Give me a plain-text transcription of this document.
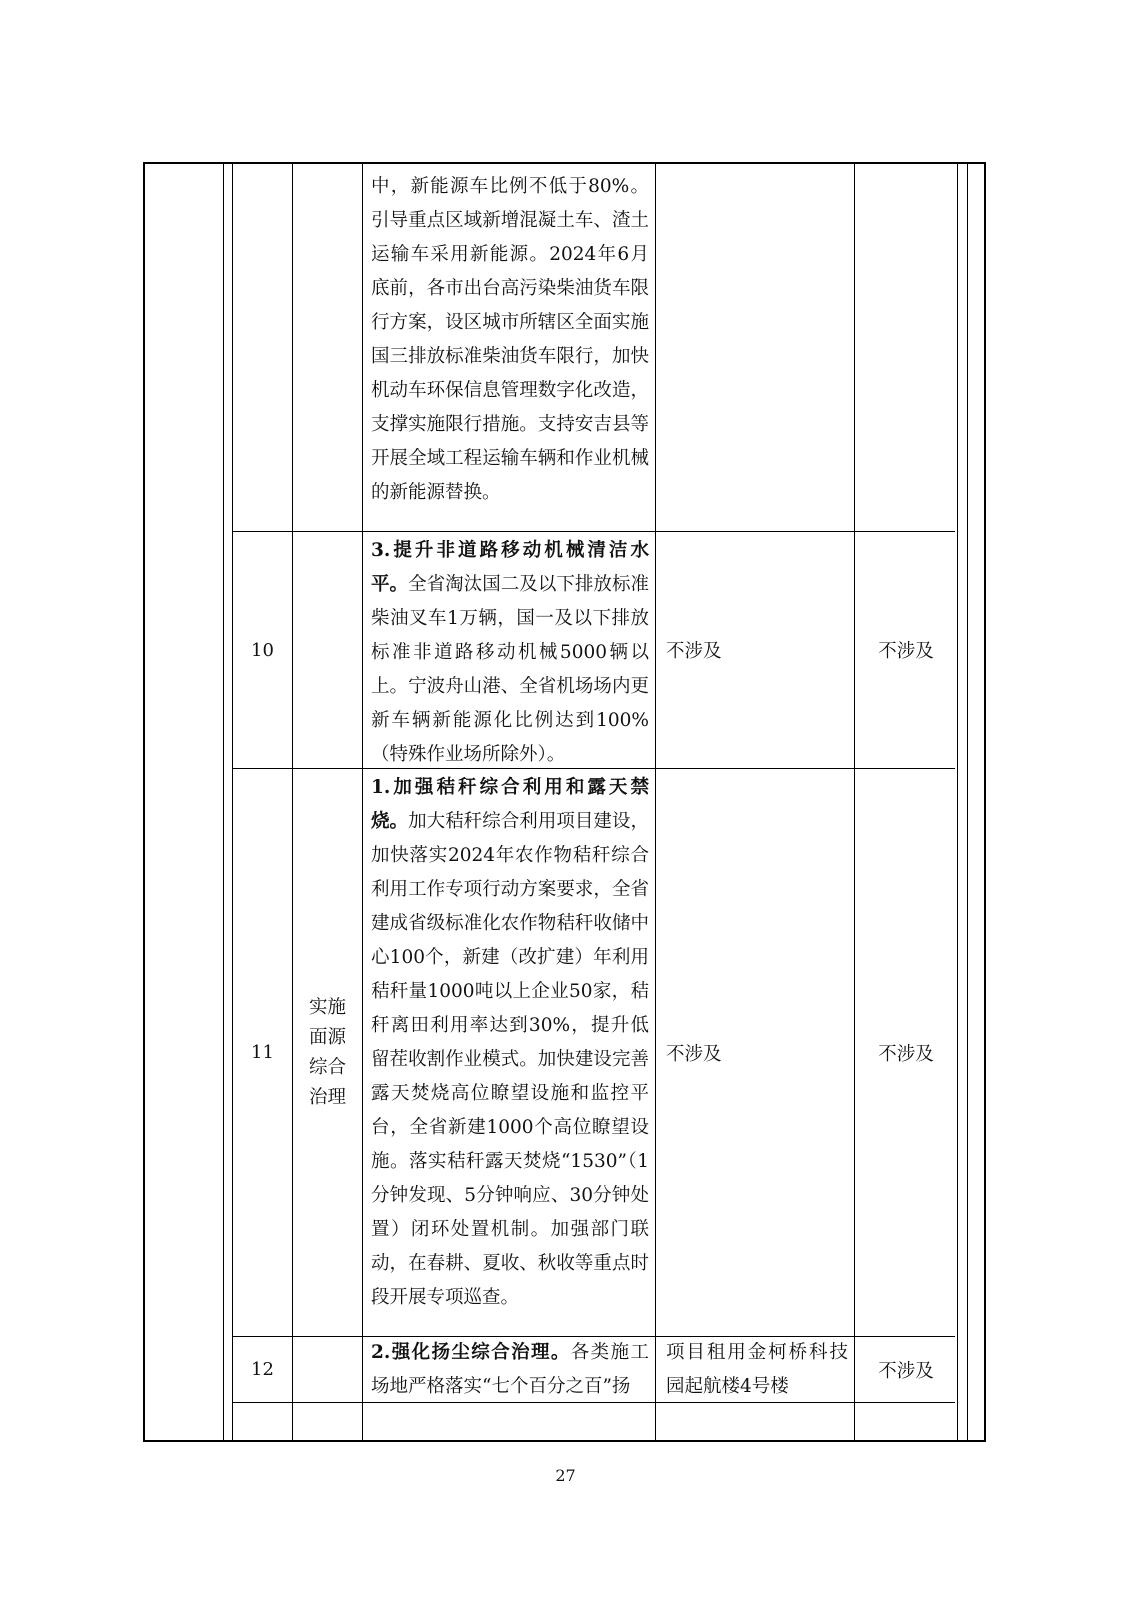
中，新能源车比例不低于80%。引导重点区域新增混凝土车、渣土运输车采用新能源。2024年6月底前，各市出台高污染柴油货车限行方案，设区城市所辖区全面实施国三排放标准柴油货车限行，加快机动车环保信息管理数字化改造，支撑实施限行措施。支持安吉县等开展全域工程运输车辆和作业机械的新能源替换。
10
3.提升非道路移动机械清洁水平。全省淘汰国二及以下排放标准柴油叉车1万辆，国一及以下排放标准非道路移动机械5000辆以上。宁波舟山港、全省机场场内更新车辆新能源化比例达到100%（特殊作业场所除外）。
不涉及	不涉及
11
实施面源综合治理
1.加强秸秆综合利用和露天禁烧。加大秸秆综合利用项目建设，加快落实2024年农作物秸秆综合利用工作专项行动方案要求，全省建成省级标准化农作物秸秆收储中心100个，新建（改扩建）年利用秸秆量1000吨以上企业50家，秸秆离田利用率达到30%，提升低留茬收割作业模式。加快建设完善露天焚烧高位瞭望设施和监控平台，全省新建1000个高位瞭望设施。落实秸秆露天焚烧“1530”（1分钟发现、5分钟响应、30分钟处置）闭环处置机制。加强部门联动，在春耕、夏收、秋收等重点时段开展专项巡查。
不涉及	不涉及
12
2.强化扬尘综合治理。各类施工场地严格落实“七个百分之百”扬
项目租用金柯桥科技园起航楼4号楼
不涉及
27
